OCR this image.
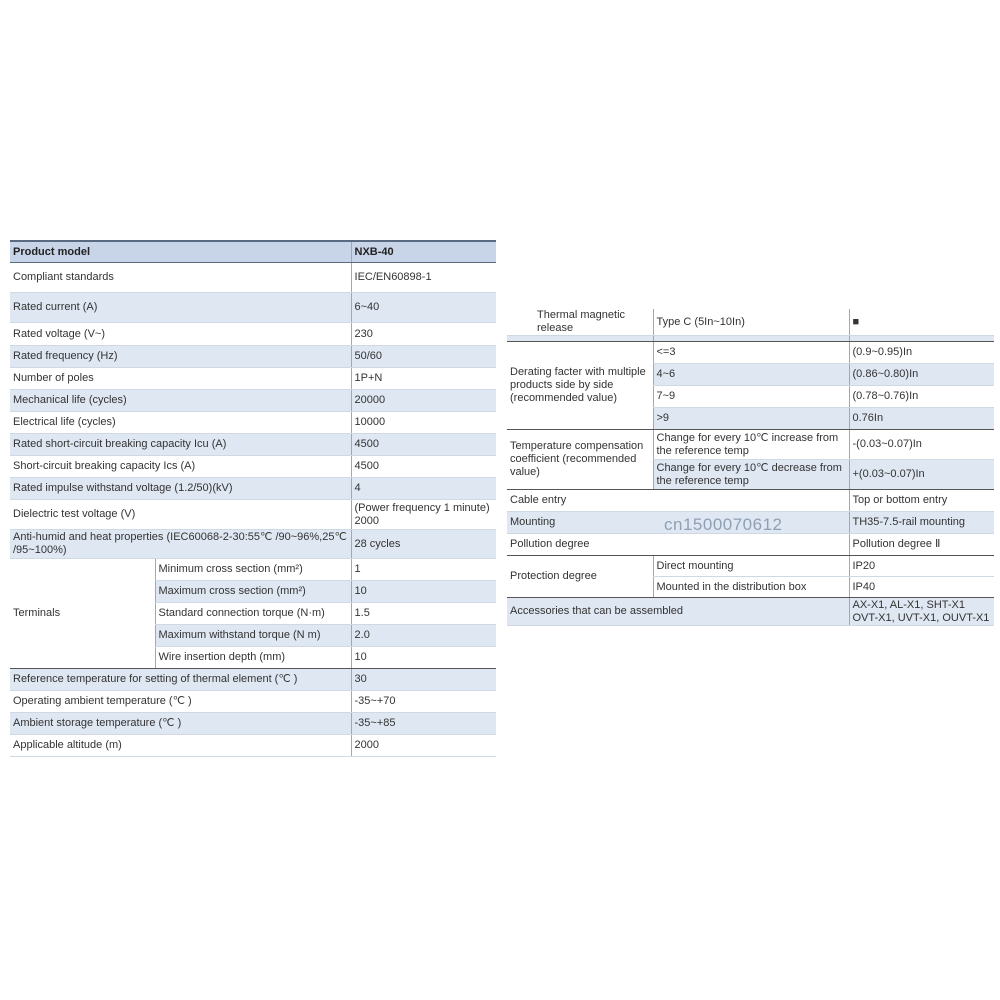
Product model		NXB-40
Compliant standards		IEC/EN60898-1
Rated current (A)		6~40
Rated voltage (V~)		230
Rated frequency (Hz)		50/60
Number of poles		1P+N
Mechanical life (cycles)		20000
Electrical life (cycles)		10000
Rated short-circuit breaking capacity Icu (A)		4500
Short-circuit breaking capacity Ics (A)		4500
Rated impulse withstand voltage (1.2/50)(kV)		4
Dielectric test voltage (V)		(Power frequency 1 minute) 2000
Anti-humid and heat properties (IEC60068-2-30:55℃ /90~96%,25℃ /95~100%)		28 cycles
Terminals	Minimum cross section (mm²)	1
	Maximum cross section (mm²)	10
	Standard connection torque (N·m)	1.5
	Maximum withstand torque (N m)	2.0
	Wire insertion depth (mm)	10
Reference temperature for setting of thermal element (℃ )		30
Operating ambient temperature (℃ )		-35~+70
Ambient storage temperature (℃ )		-35~+85
Applicable altitude (m)		2000
Thermal magnetic release	Type C (5In~10In)	■

Derating facter with multiple products side by side (recommended value)	<=3	(0.9~0.95)In
	4~6	(0.86~0.80)In
	7~9	(0.78~0.76)In
	>9	0.76In
Temperature compensation coefficient (recommended value)	Change for every 10℃ increase from the reference temp	-(0.03~0.07)In
	Change for every 10℃ decrease from the reference temp	+(0.03~0.07)In
Cable entry		Top or bottom entry
Mounting		TH35-7.5-rail mounting
Pollution degree		Pollution degree Ⅱ
Protection degree	Direct mounting	IP20
	Mounted in the distribution box	IP40
Accessories that can be assembled		AX-X1, AL-X1, SHT-X1 OVT-X1, UVT-X1, OUVT-X1
cn1500070612
